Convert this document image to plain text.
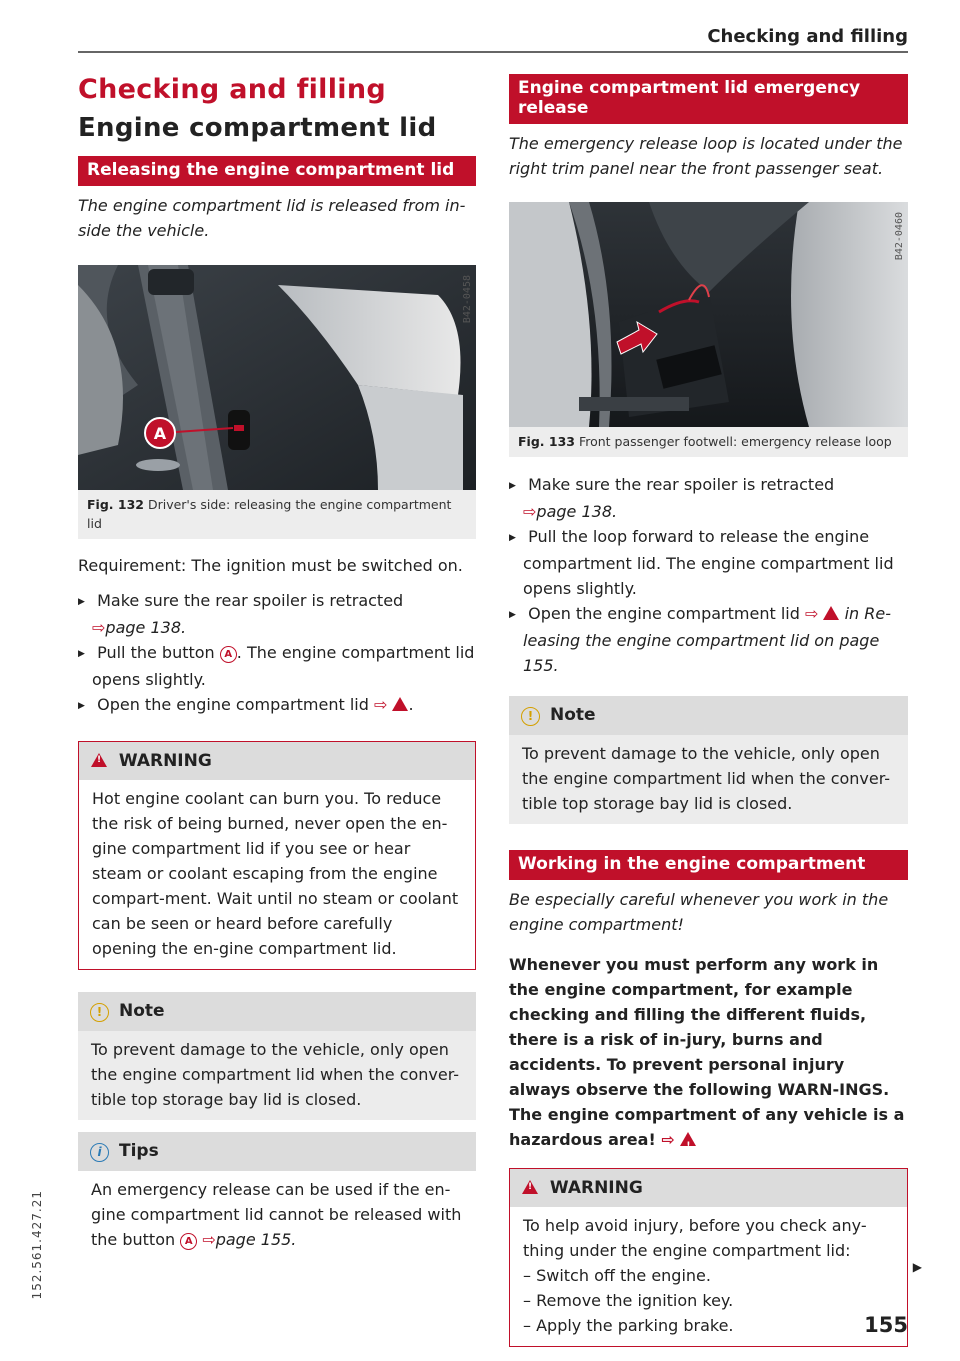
Checking and filling
Checking and filling
Engine compartment lid
Releasing the engine compartment lid

The engine compartment lid is released from in-side the vehicle.

A
B42-0458
Fig. 132 Driver's side: releasing the engine compartment lid

Requirement: The ignition must be switched on.

▶ Make sure the rear spoiler is retracted
⇨page 138.
▶ Pull the button A . The engine compartment lid opens slightly.
▶ Open the engine compartment lid ⇨ ! .
!  WARNING
Hot engine coolant can burn you. To reduce the risk of being burned, never open the en-gine compartment lid if you see or hear steam or coolant escaping from the engine compart-ment. Wait until no steam or coolant can be seen or heard before carefully opening the en-gine compartment lid.
! Note
To prevent damage to the vehicle, only open the engine compartment lid when the conver-tible top storage bay lid is closed.
i Tips
An emergency release can be used if the en-gine compartment lid cannot be released with the button A ⇨page 155.
Engine compartment lid emergency release

The emergency release loop is located under the right trim panel near the front passenger seat.

B42-0460
Fig. 133 Front passenger footwell: emergency release loop
▶ Make sure the rear spoiler is retracted
⇨page 138.
▶ Pull the loop forward to release the engine compartment lid. The engine compartment lid opens slightly.
▶ Open the engine compartment lid ⇨ ! in Re-leasing the engine compartment lid on page 155.
! Note
To prevent damage to the vehicle, only open the engine compartment lid when the conver-tible top storage bay lid is closed.
Working in the engine compartment

Be especially careful whenever you work in the engine compartment!

Whenever you must perform any work in the engine compartment, for example checking and filling the different fluids, there is a risk of in-jury, burns and accidents. To prevent personal injury always observe the following WARN-INGS. The engine compartment of any vehicle is a hazardous area! ⇨ !

!  WARNING
To help avoid injury, before you check any-thing under the engine compartment lid:
– Switch off the engine.
– Remove the ignition key.
– Apply the parking brake.
▶
155
152.561.427.21
